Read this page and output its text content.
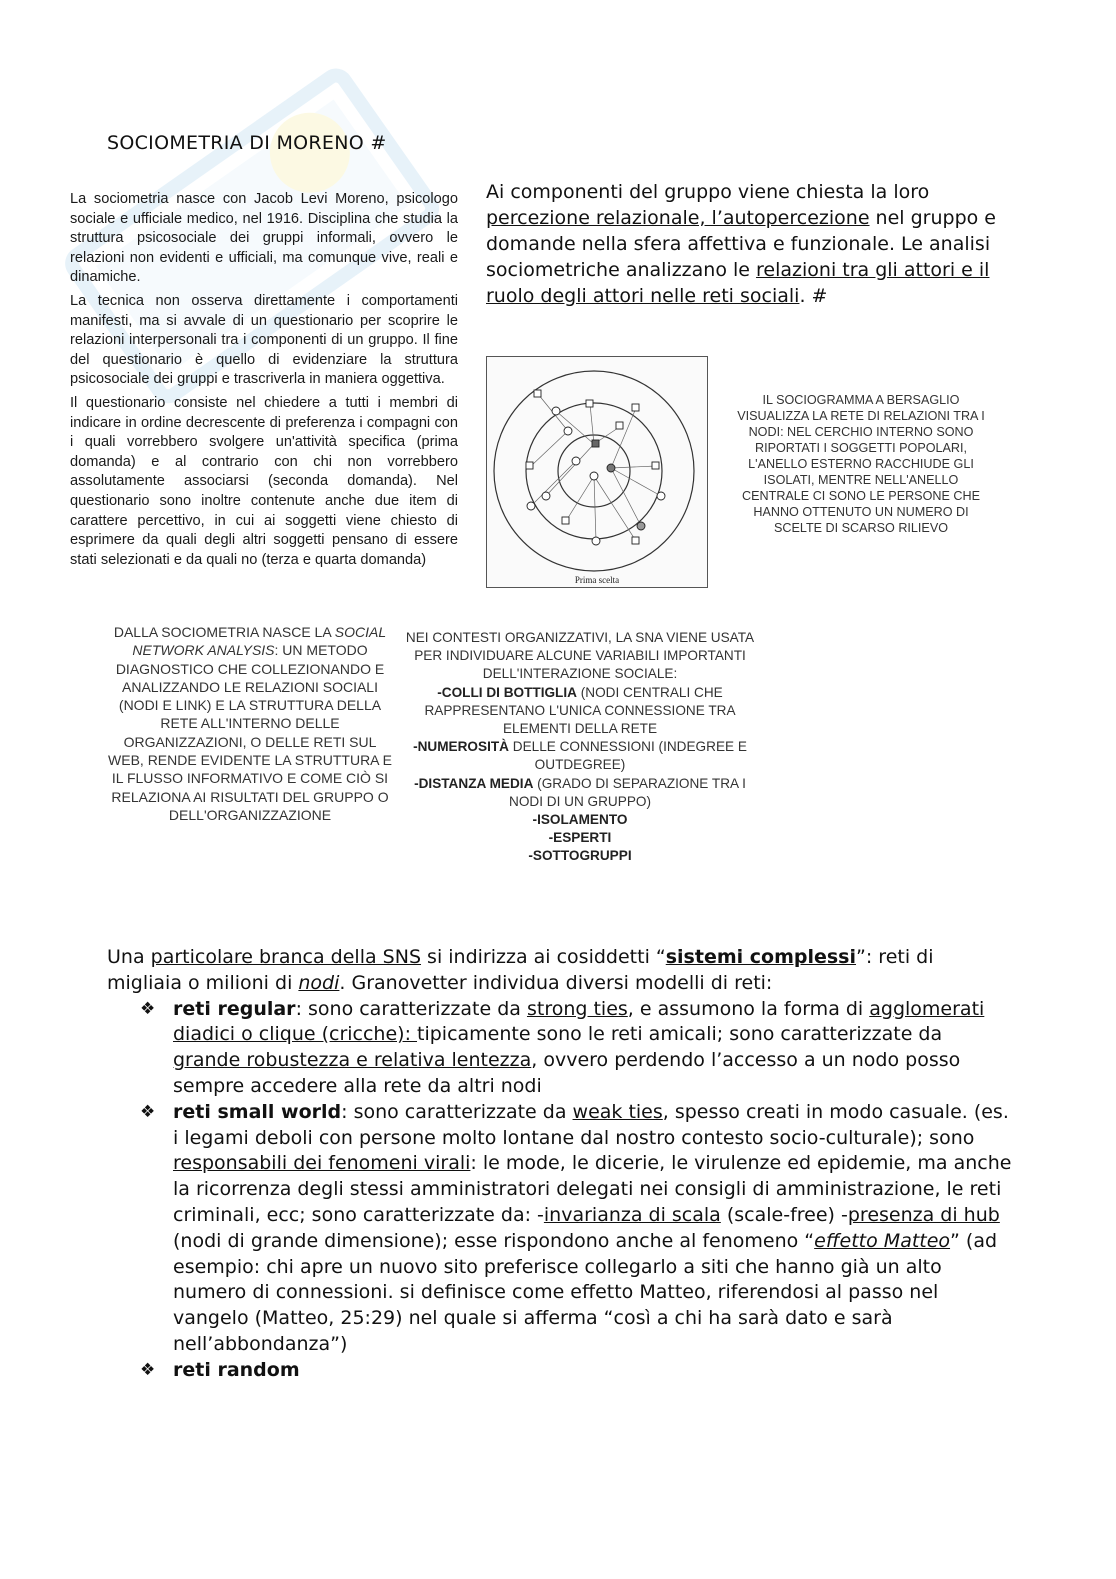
SOCIOMETRIA DI MORENO #

La sociometria nasce con Jacob Levi Moreno, psicologo sociale e ufficiale medico, nel 1916. Disciplina che studia la struttura psicosociale dei gruppi informali, ovvero le relazioni non evidenti e ufficiali, ma comunque vive, reali e dinamiche.

La tecnica non osserva direttamente i comportamenti manifesti, ma si avvale di un questionario per scoprire le relazioni interpersonali tra i componenti di un gruppo. Il fine del questionario è quello di evidenziare la struttura psicosociale dei gruppi e trascriverla in maniera oggettiva.

Il questionario consiste nel chiedere a tutti i membri di indicare in ordine decrescente di preferenza i compagni con i quali vorrebbero svolgere un'attività specifica (prima domanda) e al contrario con chi non vorrebbero assolutamente associarsi (seconda domanda). Nel questionario sono inoltre contenute anche due item di carattere percettivo, in cui ai soggetti viene chiesto di esprimere da quali degli altri soggetti pensano di essere stati selezionati e da quali no (terza e quarta domanda)

Ai componenti del gruppo viene chiesta la loro percezione relazionale, l’autopercezione nel gruppo e domande nella sfera affettiva e funzionale. Le analisi sociometriche analizzano le relazioni tra gli attori e il ruolo degli attori nelle reti sociali. #
Prima scelta
IL SOCIOGRAMMA A BERSAGLIO VISUALIZZA LA RETE DI RELAZIONI TRA I NODI: NEL CERCHIO INTERNO SONO RIPORTATI I SOGGETTI POPOLARI, L'ANELLO ESTERNO RACCHIUDE GLI ISOLATI, MENTRE NELL'ANELLO CENTRALE CI SONO LE PERSONE CHE HANNO OTTENUTO UN NUMERO DI SCELTE DI SCARSO RILIEVO
DALLA SOCIOMETRIA NASCE LA SOCIAL NETWORK ANALYSIS: UN METODO DIAGNOSTICO CHE COLLEZIONANDO E ANALIZZANDO LE RELAZIONI SOCIALI (NODI E LINK) E LA STRUTTURA DELLA RETE ALL'INTERNO DELLE ORGANIZZAZIONI, O DELLE RETI SUL WEB, RENDE EVIDENTE LA STRUTTURA E IL FLUSSO INFORMATIVO E COME CIÒ SI RELAZIONA AI RISULTATI DEL GRUPPO O DELL'ORGANIZZAZIONE
NEI CONTESTI ORGANIZZATIVI, LA SNA VIENE USATA PER INDIVIDUARE ALCUNE VARIABILI IMPORTANTI DELL'INTERAZIONE SOCIALE:
-COLLI DI BOTTIGLIA (NODI CENTRALI CHE RAPPRESENTANO L'UNICA CONNESSIONE TRA ELEMENTI DELLA RETE
-NUMEROSITÀ DELLE CONNESSIONI (INDEGREE E OUTDEGREE)
-DISTANZA MEDIA (GRADO DI SEPARAZIONE TRA I NODI DI UN GRUPPO)
-ISOLAMENTO
-ESPERTI
-SOTTOGRUPPI

Una particolare branca della SNS si indirizza ai cosiddetti “sistemi complessi”: reti di migliaia o milioni di nodi. Granovetter individua diversi modelli di reti:

❖ reti regular: sono caratterizzate da strong ties, e assumono la forma di agglomerati diadici o clique (cricche): tipicamente sono le reti amicali; sono caratterizzate da grande robustezza e relativa lentezza, ovvero perdendo l’accesso a un nodo posso sempre accedere alla rete da altri nodi

❖ reti small world: sono caratterizzate da weak ties, spesso creati in modo casuale. (es. i legami deboli con persone molto lontane dal nostro contesto socio-culturale); sono responsabili dei fenomeni virali: le mode, le dicerie, le virulenze ed epidemie, ma anche la ricorrenza degli stessi amministratori delegati nei consigli di amministrazione, le reti criminali, ecc; sono caratterizzate da: -invarianza di scala (scale-free) -presenza di hub (nodi di grande dimensione); esse rispondono anche al fenomeno “effetto Matteo” (ad esempio: chi apre un nuovo sito preferisce collegarlo a siti che hanno già un alto numero di connessioni. si definisce come effetto Matteo, riferendosi al passo nel vangelo (Matteo, 25:29) nel quale si afferma “così a chi ha sarà dato e sarà nell’abbondanza”)

❖ reti random
